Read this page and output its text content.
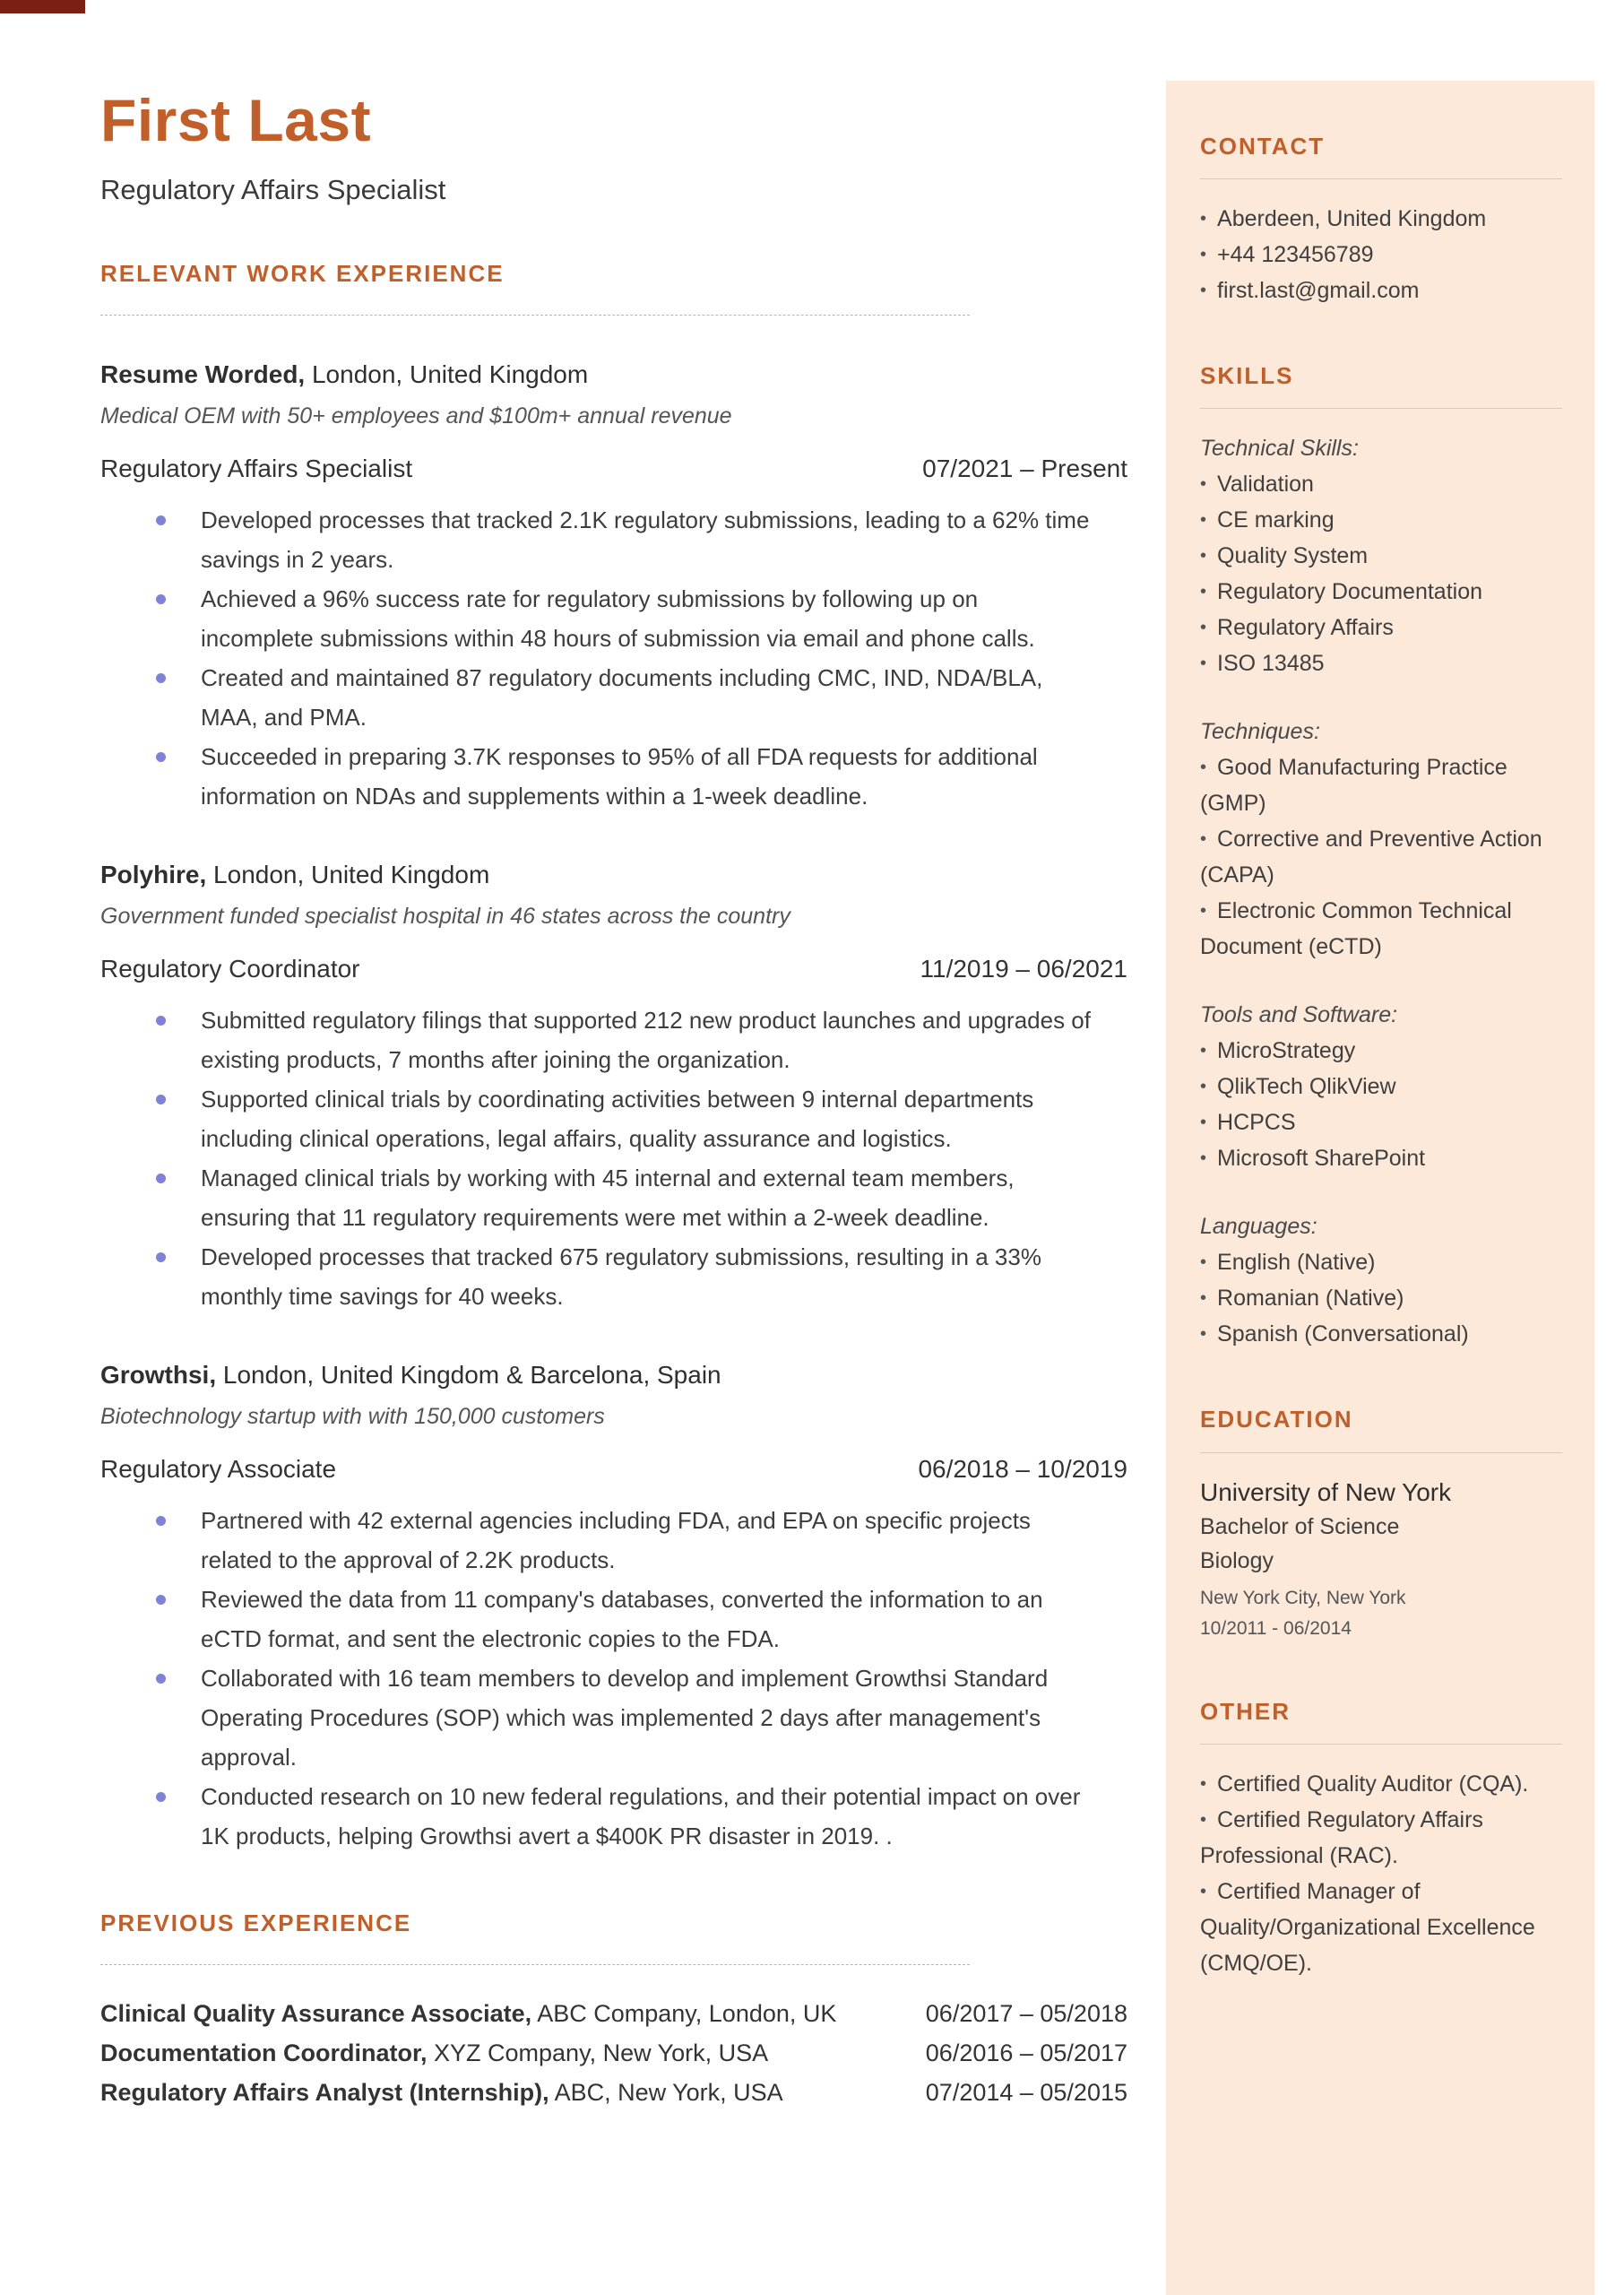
First Last
Regulatory Affairs Specialist
RELEVANT WORK EXPERIENCE
Resume Worded, London, United Kingdom
Medical OEM with 50+ employees and $100m+ annual revenue
Regulatory Affairs Specialist	07/2021 – Present
Developed processes that tracked 2.1K regulatory submissions, leading to a 62% time savings in 2 years.
Achieved a 96% success rate for regulatory submissions by following up on incomplete submissions within 48 hours of submission via email and phone calls.
Created and maintained 87 regulatory documents including CMC, IND, NDA/BLA, MAA, and PMA.
Succeeded in preparing 3.7K responses to 95% of all FDA requests for additional information on NDAs and supplements within a 1-week deadline.
Polyhire, London, United Kingdom
Government funded specialist hospital in 46 states across the country
Regulatory Coordinator	11/2019 – 06/2021
Submitted regulatory filings that supported 212 new product launches and upgrades of existing products, 7 months after joining the organization.
Supported clinical trials by coordinating activities between 9 internal departments including clinical operations, legal affairs, quality assurance and logistics.
Managed clinical trials by working with 45 internal and external team members, ensuring that 11 regulatory requirements were met within a 2-week deadline.
Developed processes that tracked 675 regulatory submissions, resulting in a 33% monthly time savings for 40 weeks.
Growthsi, London, United Kingdom & Barcelona, Spain
Biotechnology startup with with 150,000 customers
Regulatory Associate	06/2018 – 10/2019
Partnered with 42 external agencies including FDA, and EPA on specific projects related to the approval of 2.2K products.
Reviewed the data from 11 company's databases, converted the information to an eCTD format, and sent the electronic copies to the FDA.
Collaborated with 16 team members to develop and implement Growthsi Standard Operating Procedures (SOP) which was implemented 2 days after management's approval.
Conducted research on 10 new federal regulations, and their potential impact on over 1K products, helping Growthsi avert a $400K PR disaster in 2019. .
PREVIOUS EXPERIENCE
Clinical Quality Assurance Associate, ABC Company, London, UK	06/2017 – 05/2018
Documentation Coordinator, XYZ Company, New York, USA	06/2016 – 05/2017
Regulatory Affairs Analyst (Internship), ABC, New York, USA	07/2014 – 05/2015
CONTACT
• Aberdeen, United Kingdom
• +44 123456789
• first.last@gmail.com
SKILLS
Technical Skills:
• Validation
• CE marking
• Quality System
• Regulatory Documentation
• Regulatory Affairs
• ISO 13485
Techniques:
• Good Manufacturing Practice (GMP)
• Corrective and Preventive Action (CAPA)
• Electronic Common Technical Document (eCTD)
Tools and Software:
• MicroStrategy
• QlikTech QlikView
• HCPCS
• Microsoft SharePoint
Languages:
• English (Native)
• Romanian (Native)
• Spanish (Conversational)
EDUCATION
University of New York
Bachelor of Science
Biology
New York City, New York
10/2011 - 06/2014
OTHER
• Certified Quality Auditor (CQA).
• Certified Regulatory Affairs Professional (RAC).
• Certified Manager of Quality/Organizational Excellence (CMQ/OE).
